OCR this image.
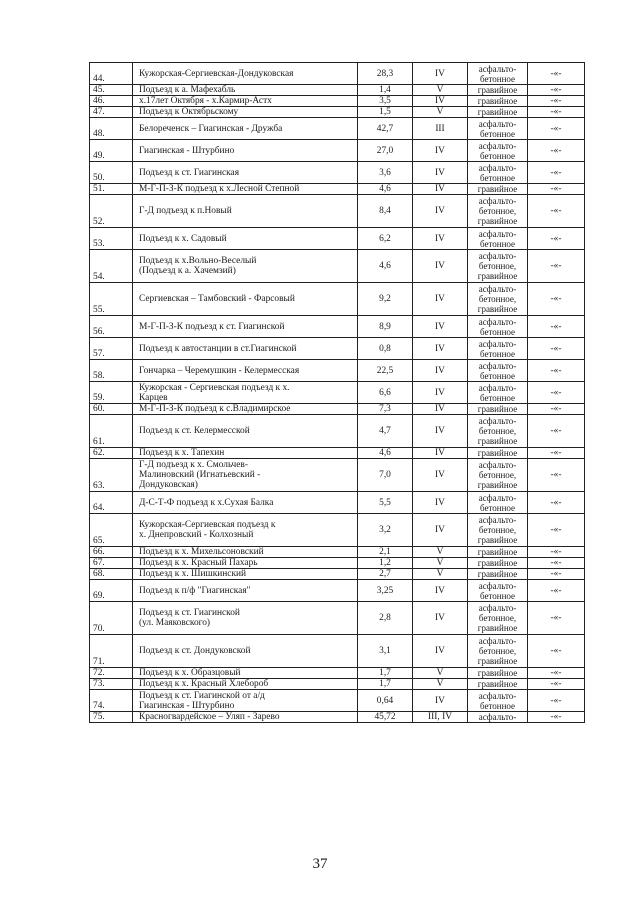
44.	Кужорская-Сергиевская-Дондуковская	28,3	IV	асфальто-
бетонное	-«-
45.	Подъезд к а. Мафехабль	1,4	V	гравийное	-«-
46.	х.17лет Октября - х.Кармир-Астх	3,5	IV	гравийное	-«-
47.	Подъезд к Октябрьскому	1,5	V	гравийное	-«-
48.	Белореченск – Гиагинская - Дружба	42,7	III	асфальто-
бетонное	-«-
49.	Гиагинская - Штурбино	27,0	IV	асфальто-
бетонное	-«-
50.	Подъезд к ст. Гиагинская	3,6	IV	асфальто-
бетонное	-«-
51.	М-Г-П-З-К подъезд к х.Лесной Степной	4,6	IV	гравийное	-«-
52.	Г-Д подъезд к п.Новый	8,4	IV	асфальто-
бетонное,
гравийное	-«-
53.	Подъезд к х. Садовый	6,2	IV	асфальто-
бетонное	-«-
54.	Подъезд к х.Вольно-Веселый
(Подъезд к а. Хачемзий)	4,6	IV	асфальто-
бетонное,
гравийное	-«-
55.	Сергиевская – Тамбовский - Фарсовый	9,2	IV	асфальто-
бетонное,
гравийное	-«-
56.	М-Г-П-З-К подъезд к ст. Гиагинской	8,9	IV	асфальто-
бетонное	-«-
57.	Подъезд к автостанции в ст.Гиагинской	0,8	IV	асфальто-
бетонное	-«-
58.	Гончарка – Черемушкин - Келермесская	22,5	IV	асфальто-
бетонное	-«-
59.	Кужорская - Сергиевская подъезд к х.
Карцев	6,6	IV	асфальто-
бетонное	-«-
60.	М-Г-П-З-К подъезд к с.Владимирское	7,3	IV	гравийное	-«-
61.	Подъезд к ст. Келермесской	4,7	IV	асфальто-
бетонное,
гравийное	-«-
62.	Подъезд к х. Тапехин	4,6	IV	гравийное	-«-
63.	Г-Д подъезд к х. Смольчев-
Малиновский (Игнатьевский -
Дондуковская)	7,0	IV	асфальто-
бетонное,
гравийное	-«-
64.	Д-С-Т-Ф подъезд к х.Сухая Балка	5,5	IV	асфальто-
бетонное	-«-
65.	Кужорская-Сергиевская подъезд к
х. Днепровский - Колхозный	3,2	IV	асфальто-
бетонное,
гравийное	-«-
66.	Подъезд к х. Михельсоновский	2,1	V	гравийное	-«-
67.	Подъезд к х. Красный Пахарь	1,2	V	гравийное	-«-
68.	Подъезд к х. Шишкинский	2,7	V	гравийное	-«-
69.	Подъезд к п/ф "Гиагинская"	3,25	IV	асфальто-
бетонное	-«-
70.	Подъезд к ст. Гиагинской
(ул. Маяковского)	2,8	IV	асфальто-
бетонное,
гравийное	-«-
71.	Подъезд к ст. Дондуковской	3,1	IV	асфальто-
бетонное,
гравийное	-«-
72.	Подъезд к х. Образцовый	1,7	V	гравийное	-«-
73.	Подъезд к х. Красный Хлебороб	1,7	V	гравийное	-«-
74.	Подъезд к ст. Гиагинской от а/д
Гиагинская - Штурбино	0,64	IV	асфальто-
бетонное	-«-
75.	Красногвардейское – Уляп - Зарево	45,72	III, IV	асфальто-	-«-
37
